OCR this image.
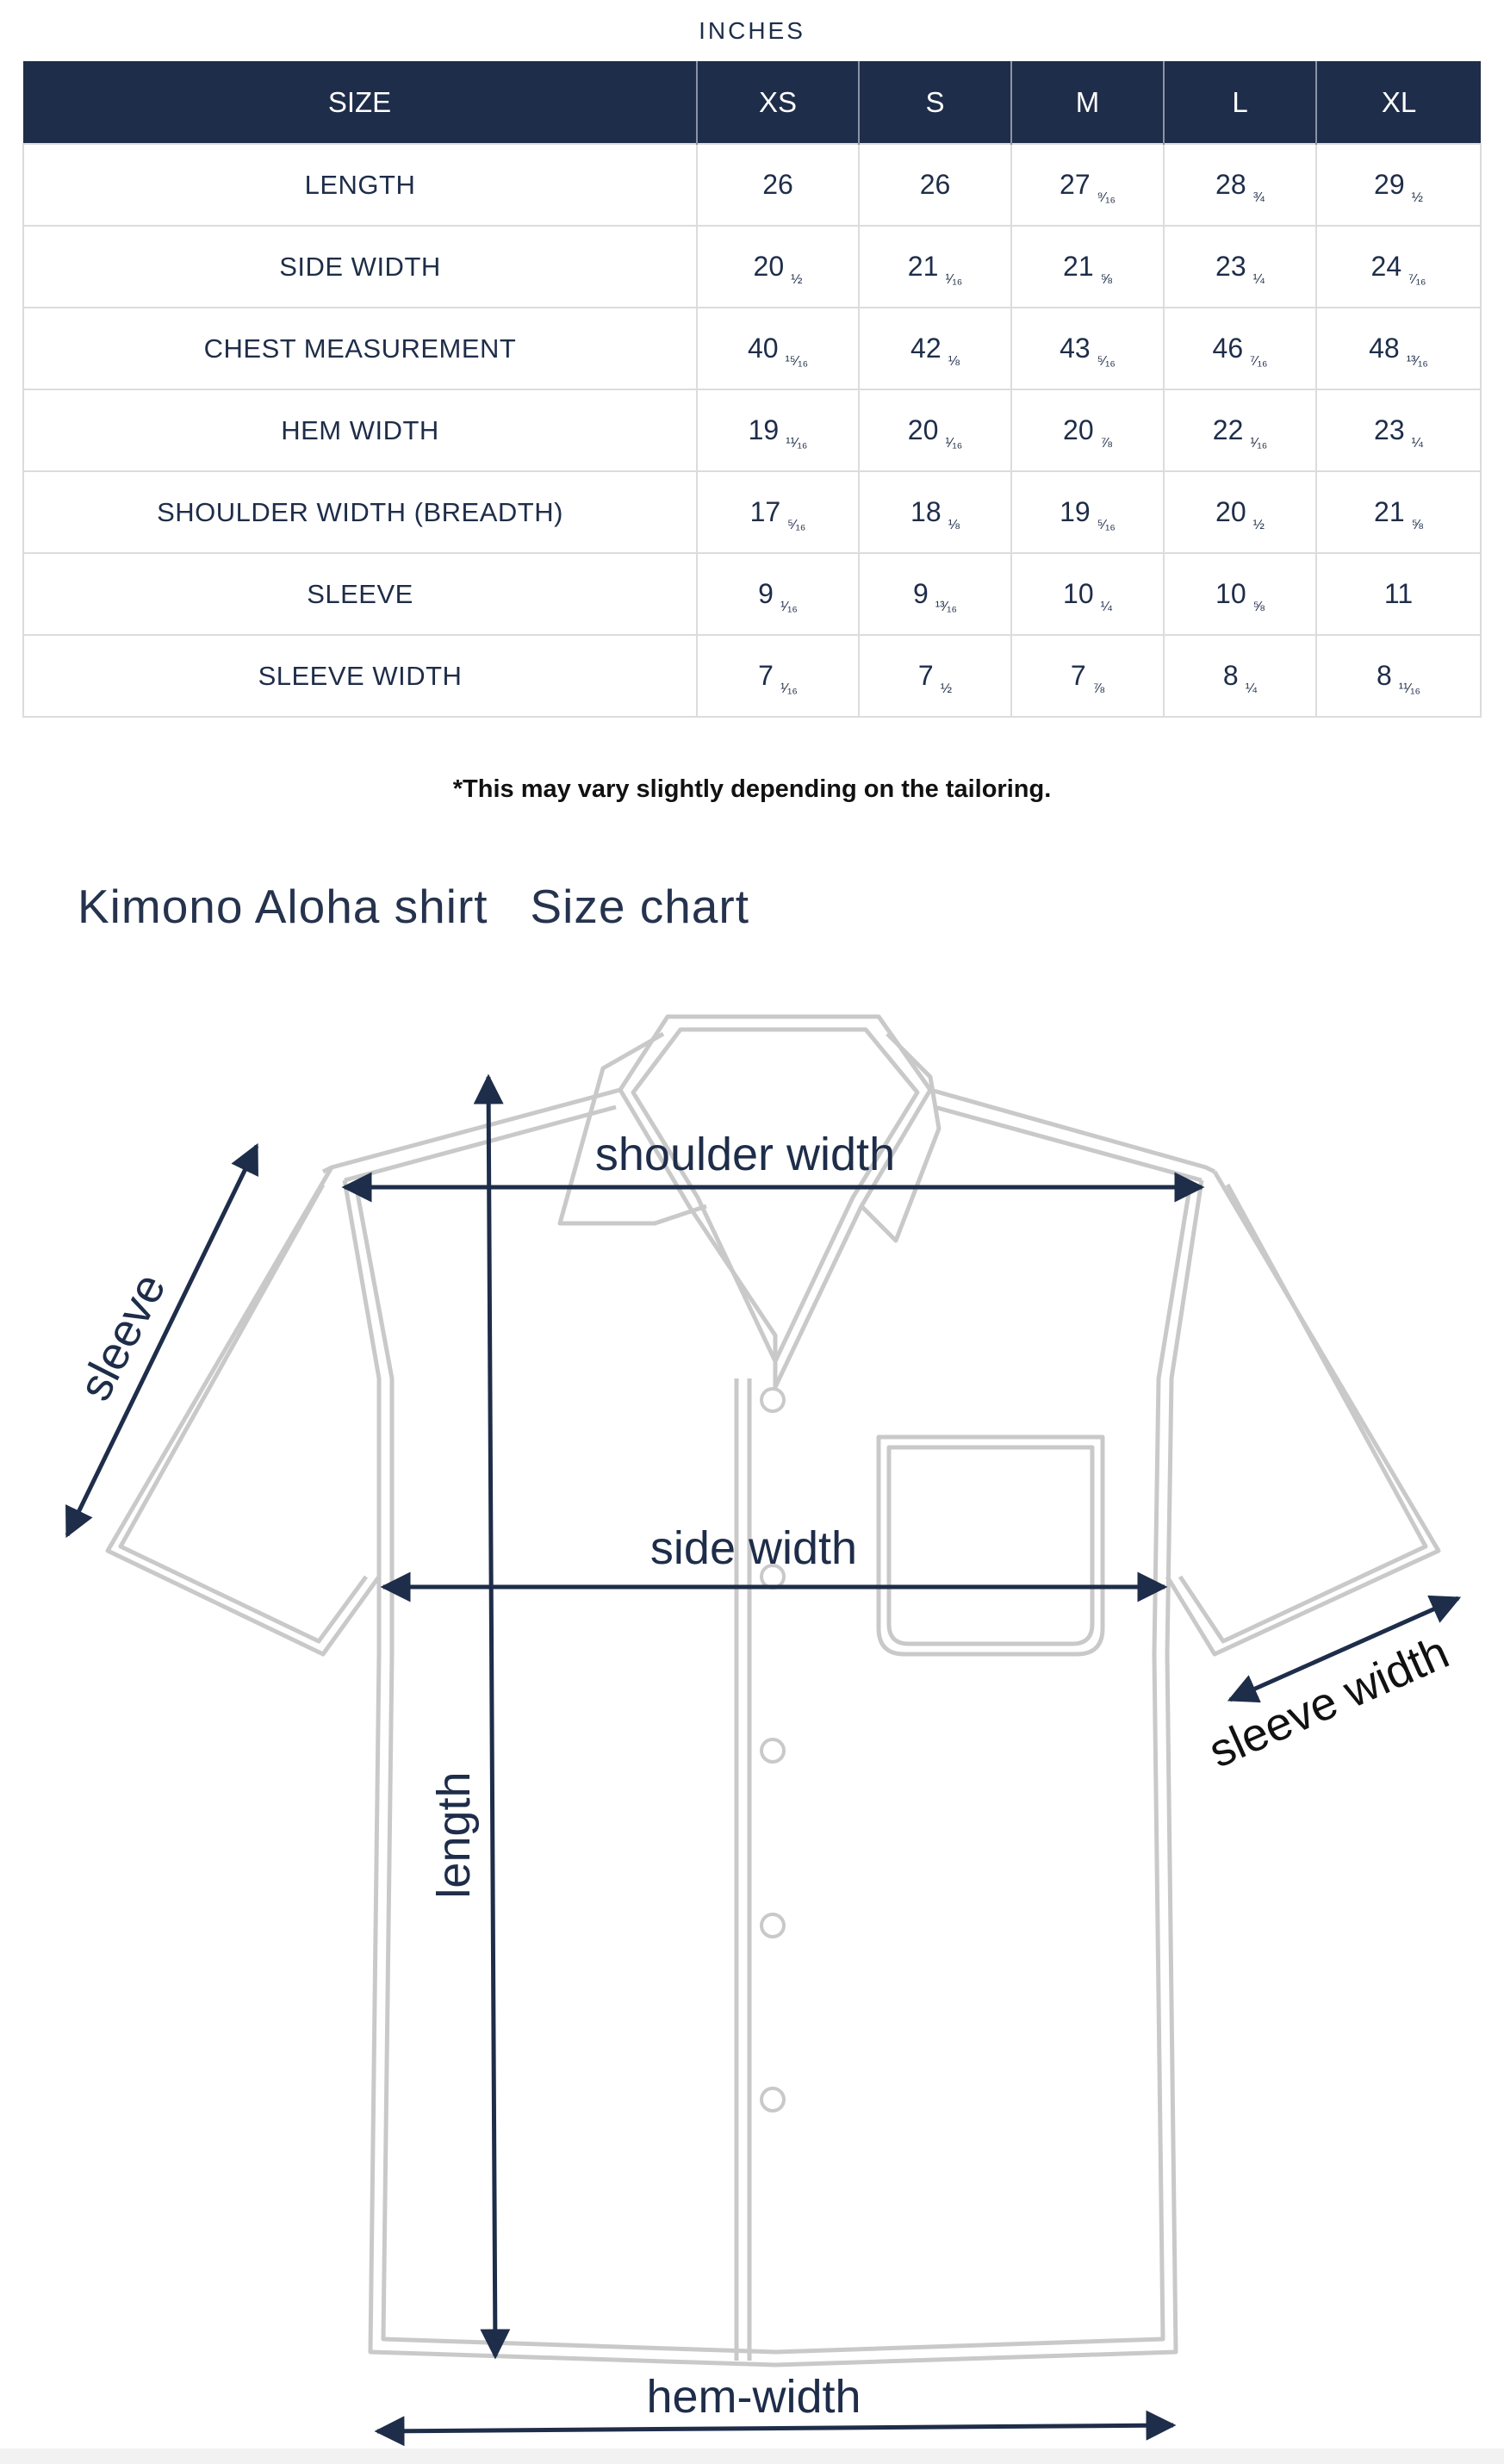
INCHES
SIZE	XS	S	M	L	XL
LENGTH	26	26	27 $_{^9⁄_{16}}$	28 $_{\frac{3}{4}}$	29 $_{\frac{1}{2}}$
SIDE WIDTH	20 $_{\frac{1}{2}}$	21 $_{^1⁄_{16}}$	21 $_{\frac{5}{8}}$	23 $_{\frac{1}{4}}$	24 $_{^7⁄_{16}}$
CHEST MEASUREMENT	40 $_{^{15}⁄_{16}}$	42 $_{\frac{1}{8}}$	43 $_{^5⁄_{16}}$	46 $_{^7⁄_{16}}$	48 $_{^{13}⁄_{16}}$
HEM WIDTH	19 $_{^{11}⁄_{16}}$	20 $_{^1⁄_{16}}$	20 $_{\frac{7}{8}}$	22 $_{^1⁄_{16}}$	23 $_{\frac{1}{4}}$
SHOULDER WIDTH (BREADTH)	17 $_{^5⁄_{16}}$	18 $_{\frac{1}{8}}$	19 $_{^5⁄_{16}}$	20 $_{\frac{1}{2}}$	21 $_{\frac{5}{8}}$
SLEEVE	9 $_{^1⁄_{16}}$	9 $_{^{13}⁄_{16}}$	10 $_{\frac{1}{4}}$	10 $_{\frac{5}{8}}$	11
SLEEVE WIDTH	7 $_{^1⁄_{16}}$	7 $_{\frac{1}{2}}$	7 $_{\frac{7}{8}}$	8 $_{\frac{1}{4}}$	8 $_{^{11}⁄_{16}}$
*This may vary slightly depending on the tailoring.
Kimono Aloha shirt   Size chart
shoulder width
side width
hem-width
length
sleeve
sleeve width
